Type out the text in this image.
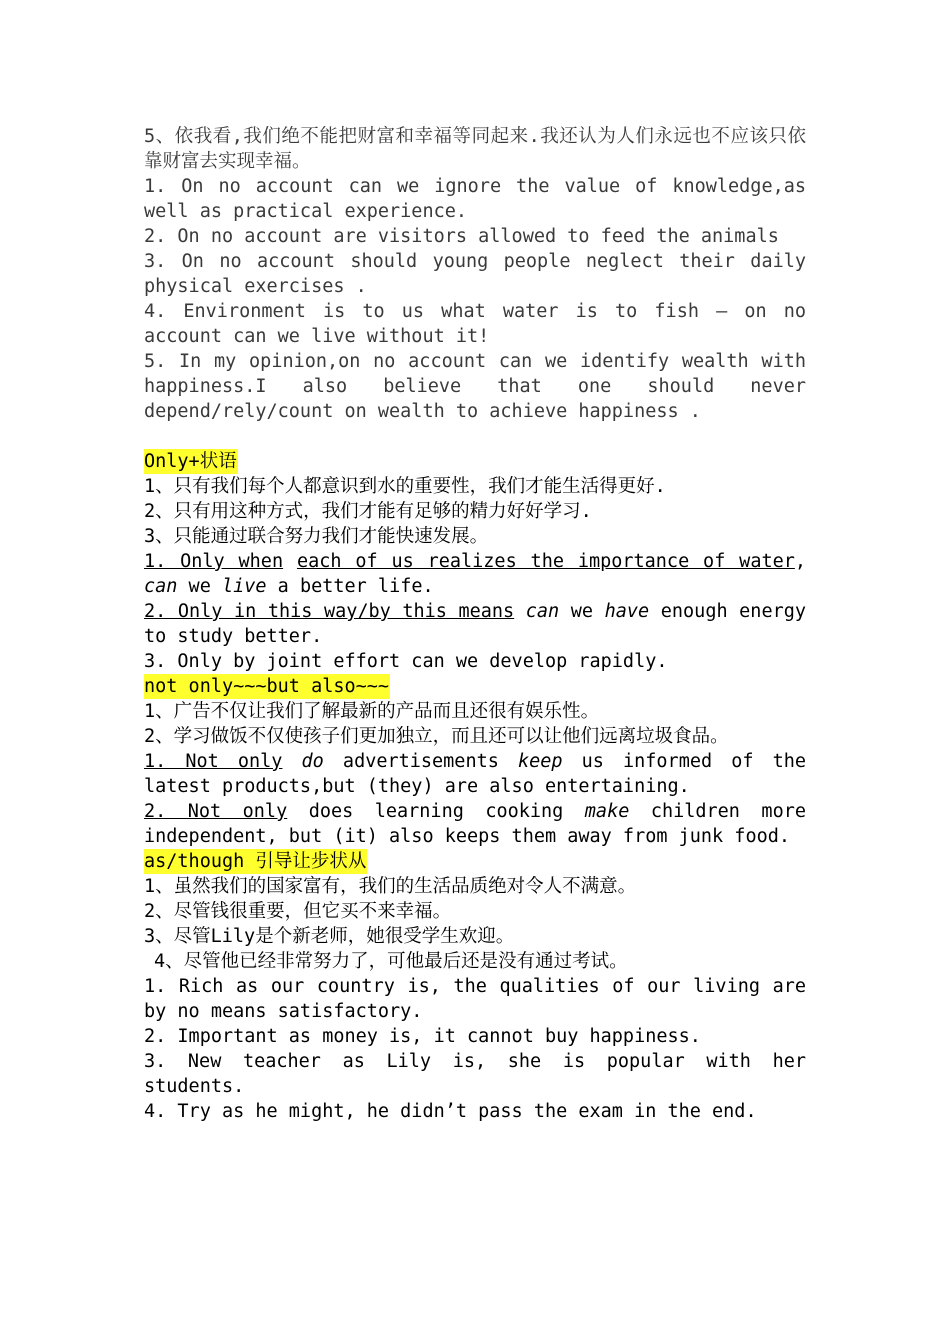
5、依我看,我们绝不能把财富和幸福等同起来.我还认为人们永远也不应该只依靠财富去实现幸福。
1. On no account can we ignore the value of knowledge,as well as practical experience.
2. On no account are visitors allowed to feed the animals
3. On no account should young people neglect their daily physical exercises .
4. Environment is to us what water is to fish – on no account can we live without it!
5. In my opinion,on no account can we identify wealth with happiness.I also believe that one should never depend/rely/count on wealth to achieve happiness .
Only+状语
1、只有我们每个人都意识到水的重要性，我们才能生活得更好.
2、只有用这种方式，我们才能有足够的精力好好学习.
3、只能通过联合努力我们才能快速发展。
1. Only when each of us realizes the importance of water, can we live a better life.
2. Only in this way/by this means can we have enough energy to study better.
3. Only by joint effort can we develop rapidly.
not only~~~but also~~~
1、广告不仅让我们了解最新的产品而且还很有娱乐性。
2、学习做饭不仅使孩子们更加独立，而且还可以让他们远离垃圾食品。
1. Not only do advertisements keep us informed of the latest products,but (they) are also entertaining.
2. Not only does learning cooking make children more independent, but (it) also keeps them away from junk food.
as/though 引导让步状从
1、虽然我们的国家富有，我们的生活品质绝对令人不满意。
2、尽管钱很重要，但它买不来幸福。
3、尽管Lily是个新老师，她很受学生欢迎。
4、尽管他已经非常努力了，可他最后还是没有通过考试。
1. Rich as our country is, the qualities of our living are by no means satisfactory.
2. Important as money is, it cannot buy happiness.
3. New teacher as Lily is, she is popular with her students.
4. Try as he might, he didn’t pass the exam in the end.
